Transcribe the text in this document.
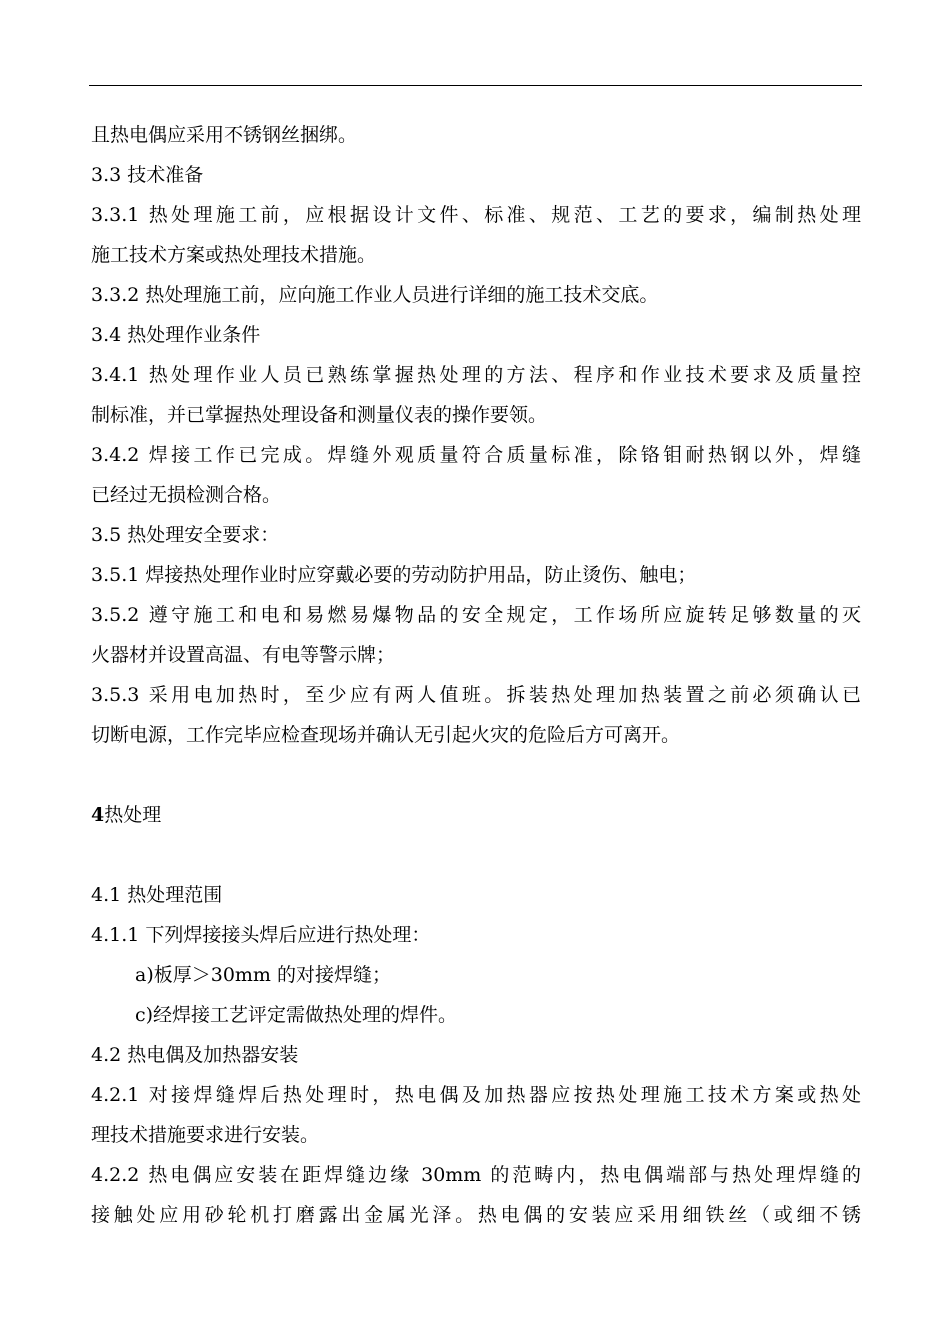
且热电偶应采用不锈钢丝捆绑。
3.3 技术准备
3.3.1 热处理施工前，应根据设计文件、标准、规范、工艺的要求，编制热处理
施工技术方案或热处理技术措施。
3.3.2 热处理施工前，应向施工作业人员进行详细的施工技术交底。
3.4 热处理作业条件
3.4.1 热处理作业人员已熟练掌握热处理的方法、程序和作业技术要求及质量控
制标准，并已掌握热处理设备和测量仪表的操作要领。
3.4.2 焊接工作已完成。焊缝外观质量符合质量标准，除铬钼耐热钢以外，焊缝
已经过无损检测合格。
3.5 热处理安全要求：
3.5.1 焊接热处理作业时应穿戴必要的劳动防护用品，防止烫伤、触电；
3.5.2 遵守施工和电和易燃易爆物品的安全规定，工作场所应旋转足够数量的灭
火器材并设置高温、有电等警示牌；
3.5.3 采用电加热时，至少应有两人值班。拆装热处理加热装置之前必须确认已
切断电源，工作完毕应检查现场并确认无引起火灾的危险后方可离开。
4热处理
4.1 热处理范围
4.1.1 下列焊接接头焊后应进行热处理：
a)板厚＞30mm 的对接焊缝；
c)经焊接工艺评定需做热处理的焊件。
4.2 热电偶及加热器安装
4.2.1 对接焊缝焊后热处理时，热电偶及加热器应按热处理施工技术方案或热处
理技术措施要求进行安装。
4.2.2 热电偶应安装在距焊缝边缘 30mm 的范畴内，热电偶端部与热处理焊缝的
接触处应用砂轮机打磨露出金属光泽。热电偶的安装应采用细铁丝（或细不锈
